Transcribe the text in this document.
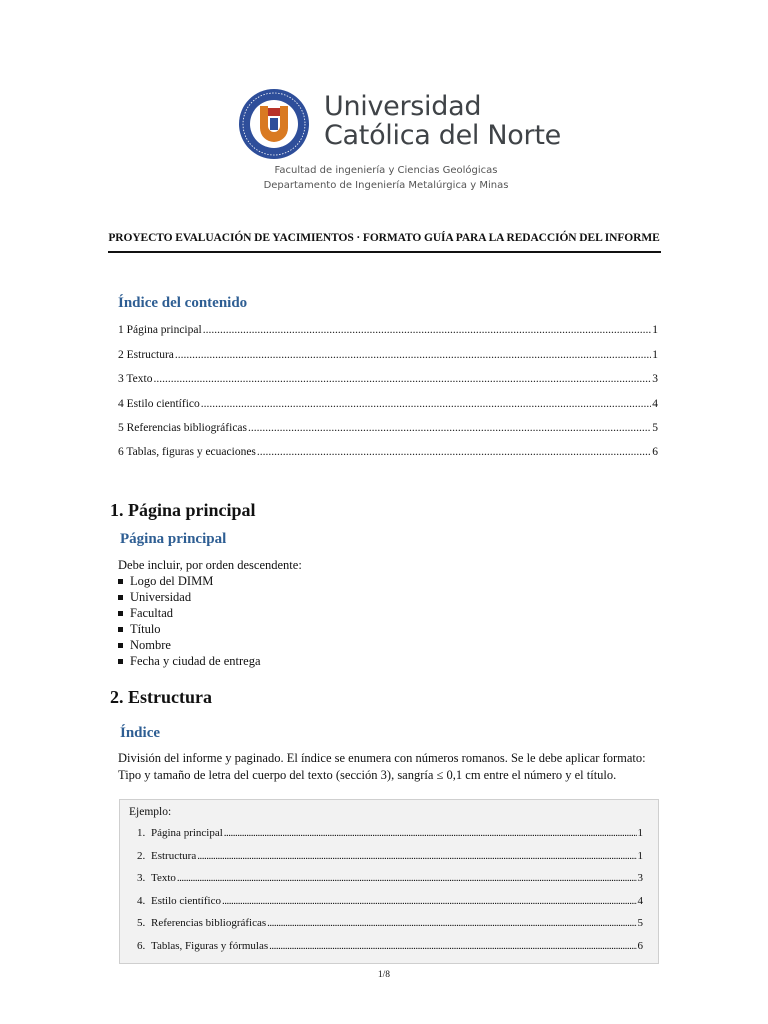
Universidad
Católica del Norte
Facultad de ingeniería y Ciencias Geológicas
Departamento de Ingeniería Metalúrgica y Minas
PROYECTO EVALUACIÓN DE YACIMIENTOS · FORMATO GUÍA PARA LA REDACCIÓN DEL INFORME
Índice del contenido
1 Página principal .....	1
2 Estructura .....	1
3 Texto .....	3
4 Estilo científico .....	4
5 Referencias bibliográficas .....	5
6 Tablas, figuras y ecuaciones .....	6
1. Página principal
Página principal
Debe incluir, por orden descendente:
Logo del DIMM
Universidad
Facultad
Título
Nombre
Fecha y ciudad de entrega
2. Estructura
Índice
División del informe y paginado. El índice se enumera con números romanos. Se le debe aplicar formato:
Tipo y tamaño de letra del cuerpo del texto (sección 3), sangría ≤ 0,1 cm entre el número y el título.
Ejemplo:
1. Página principal .....	1
2. Estructura .....	1
3. Texto .....	3
4. Estilo científico .....	4
5. Referencias bibliográficas .....	5
6. Tablas, Figuras y fórmulas .....	6
1/8
